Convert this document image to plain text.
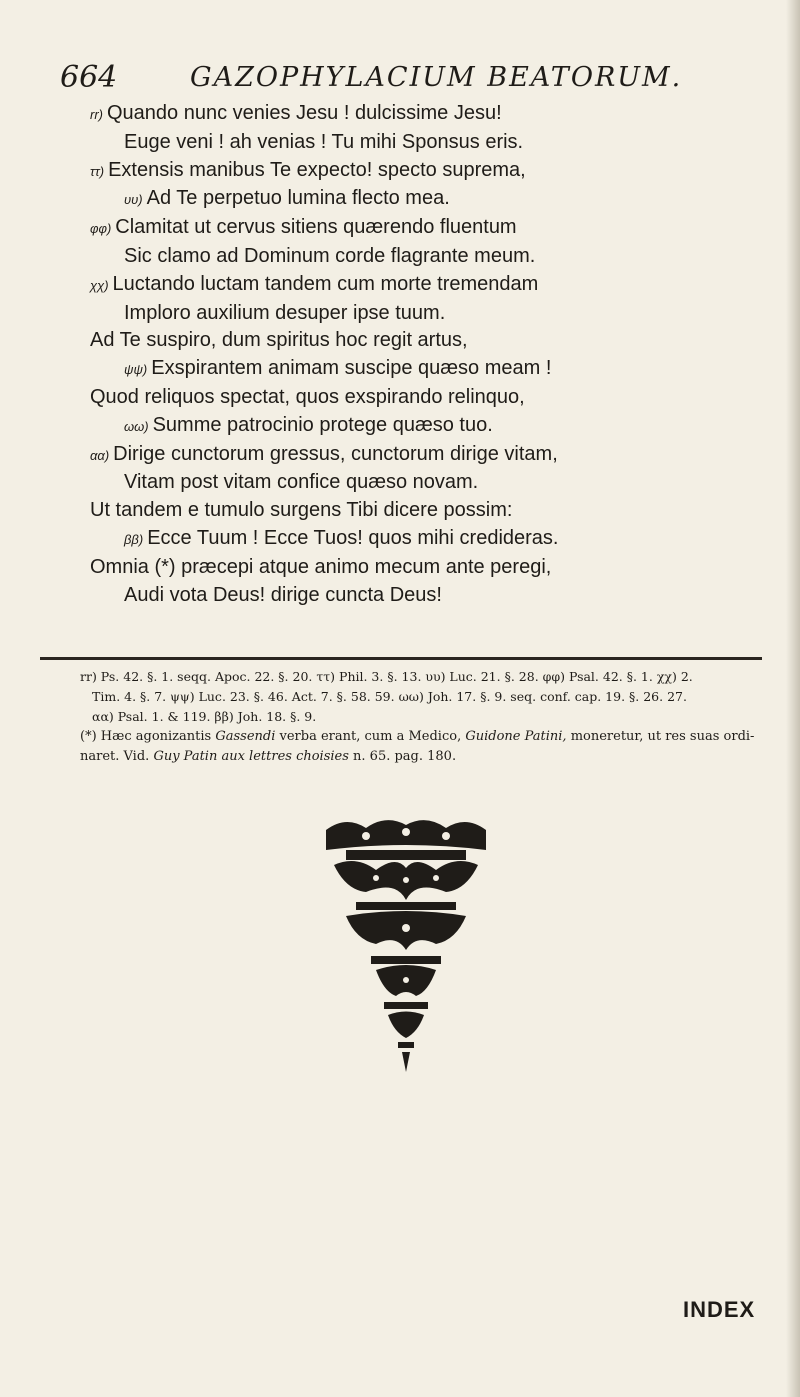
664	GAZOPHYLACIUM BEATORUM.
rr) Quando nunc venies Jesu ! dulcissime Jesu!
Euge veni ! ah venias ! Tu mihi Sponsus eris.
ττ) Extensis manibus Te expecto! specto suprema,
υυ) Ad Te perpetuo lumina flecto mea.
φφ) Clamitat ut cervus sitiens quærendo fluentum
Sic clamo ad Dominum corde flagrante meum.
χχ) Luctando luctam tandem cum morte tremendam
Imploro auxilium desuper ipse tuum.
Ad Te suspiro, dum spiritus hoc regit artus,
ψψ) Exspirantem animam suscipe quæso meam !
Quod reliquos spectat, quos exspirando relinquo,
ωω) Summe patrocinio protege quæso tuo.
αα) Dirige cunctorum gressus, cunctorum dirige vitam,
Vitam post vitam confice quæso novam.
Ut tandem e tumulo surgens Tibi dicere possim:
ββ) Ecce Tuum ! Ecce Tuos! quos mihi credideras.
Omnia (*) præcepi atque animo mecum ante peregi,
Audi vota Deus! dirige cuncta Deus!
rr) Ps. 42. §. 1. seqq. Apoc. 22. §. 20. ττ) Phil. 3. §. 13. υυ) Luc. 21. §. 28. φφ) Psal. 42. §. 1. χχ) 2.
Tim. 4. §. 7. ψψ) Luc. 23. §. 46. Act. 7. §. 58. 59. ωω) Joh. 17. §. 9. seq. conf. cap. 19. §. 26. 27.
αα) Psal. 1. & 119. ββ) Joh. 18. §. 9.
(*) Hæc agonizantis Gassendi verba erant, cum a Medico, Guidone Patini, moneretur, ut res suas ordi-
naret. Vid. Guy Patin aux lettres choisies n. 65. pag. 180.
INDEX
